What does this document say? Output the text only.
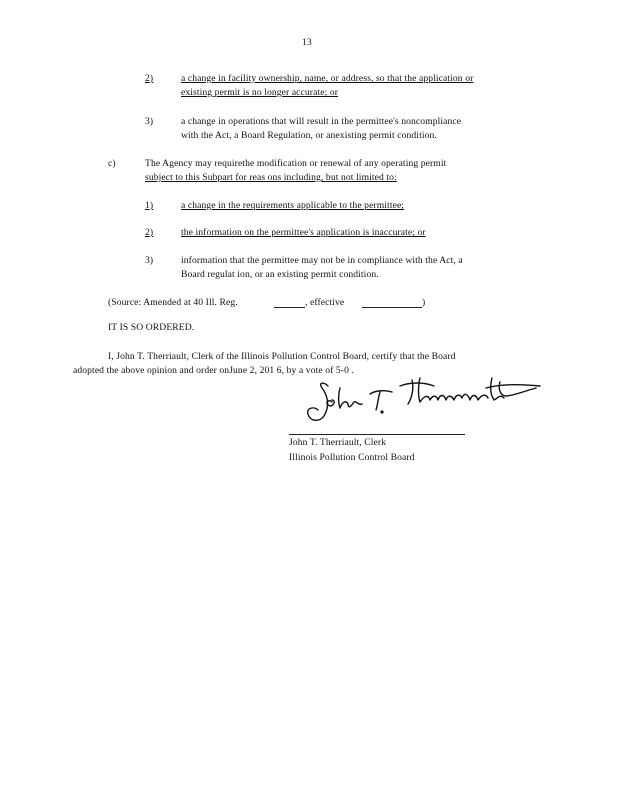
13
2)	a change in facility ownership, name, or address, so that the application or
existing permit is no longer accurate; or
3)	a change in operations that will result in the permittee's noncompliance
with the Act, a Board Regulation, or anexisting permit condition.
c)	The Agency may requirethe modification or renewal of any operating permit
subject to this Subpart for reas ons including, but not limited to:
1)	a change in the requirements applicable to the permittee;
2)	the information on the permittee's application is inaccurate; or
3)	information that the permittee may not be in compliance with the Act, a
Board regulat ion, or an existing permit condition.
(Source: Amended at 40 Ill. Reg.	, effective	)
IT IS SO ORDERED.
I, John T. Therriault, Clerk of the Illinois Pollution Control Board, certify that the Board
adopted the above opinion and order onJune 2, 201 6, by a vote of 5-0 .
John T. Therriault, Clerk
Illinois Pollution Control Board
